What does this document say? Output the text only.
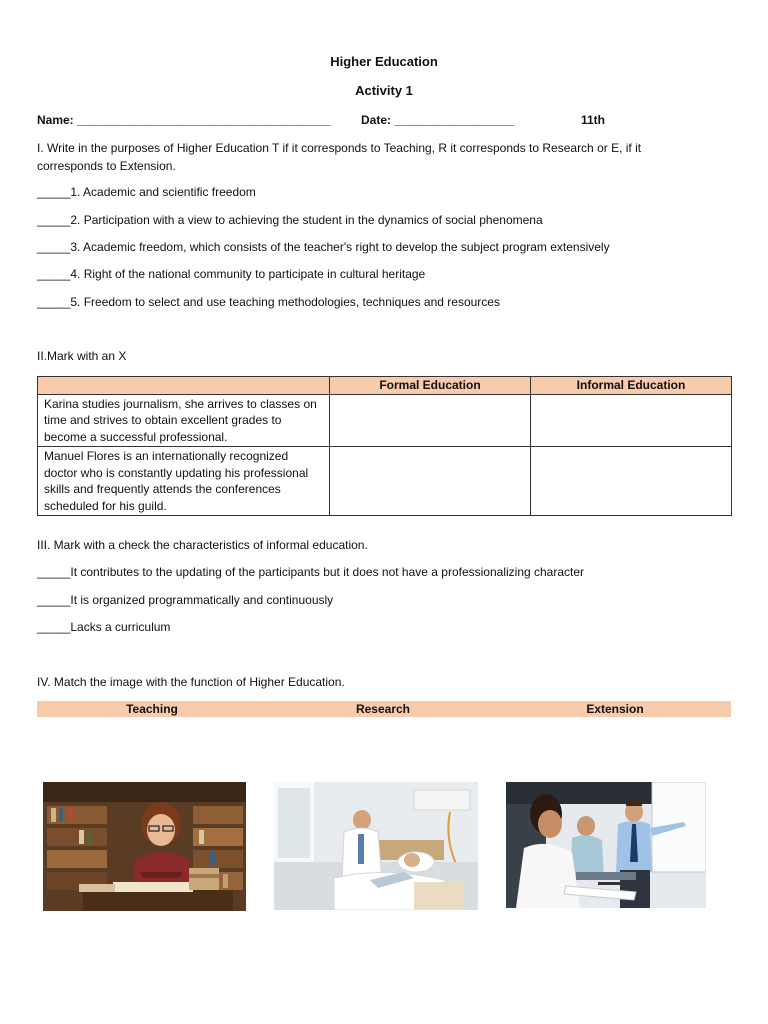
Higher Education
Activity 1
Name: ______________________________________	Date: __________________	11th
I. Write in the purposes of Higher Education T if it corresponds to Teaching, R it corresponds to Research or E, if it
corresponds to Extension.
_____1. Academic and scientific freedom
_____2. Participation with a view to achieving the student in the dynamics of social phenomena
_____3. Academic freedom, which consists of the teacher's right to develop the subject program extensively
_____4. Right of the national community to participate in cultural heritage
_____5. Freedom to select and use teaching methodologies, techniques and resources
II.Mark with an X
	Formal Education	Informal Education
Karina studies journalism, she arrives to classes on time and strives to obtain excellent grades to become a successful professional.		
Manuel Flores is an internationally recognized doctor who is constantly updating his professional skills and frequently attends the conferences scheduled for his guild.		
III. Mark with a check the characteristics of informal education.
_____It contributes to the updating of the participants but it does not have a professionalizing character
_____It is organized programmatically and continuously
_____Lacks a curriculum
IV. Match the image with the function of Higher Education.
Teaching	Research	Extension
